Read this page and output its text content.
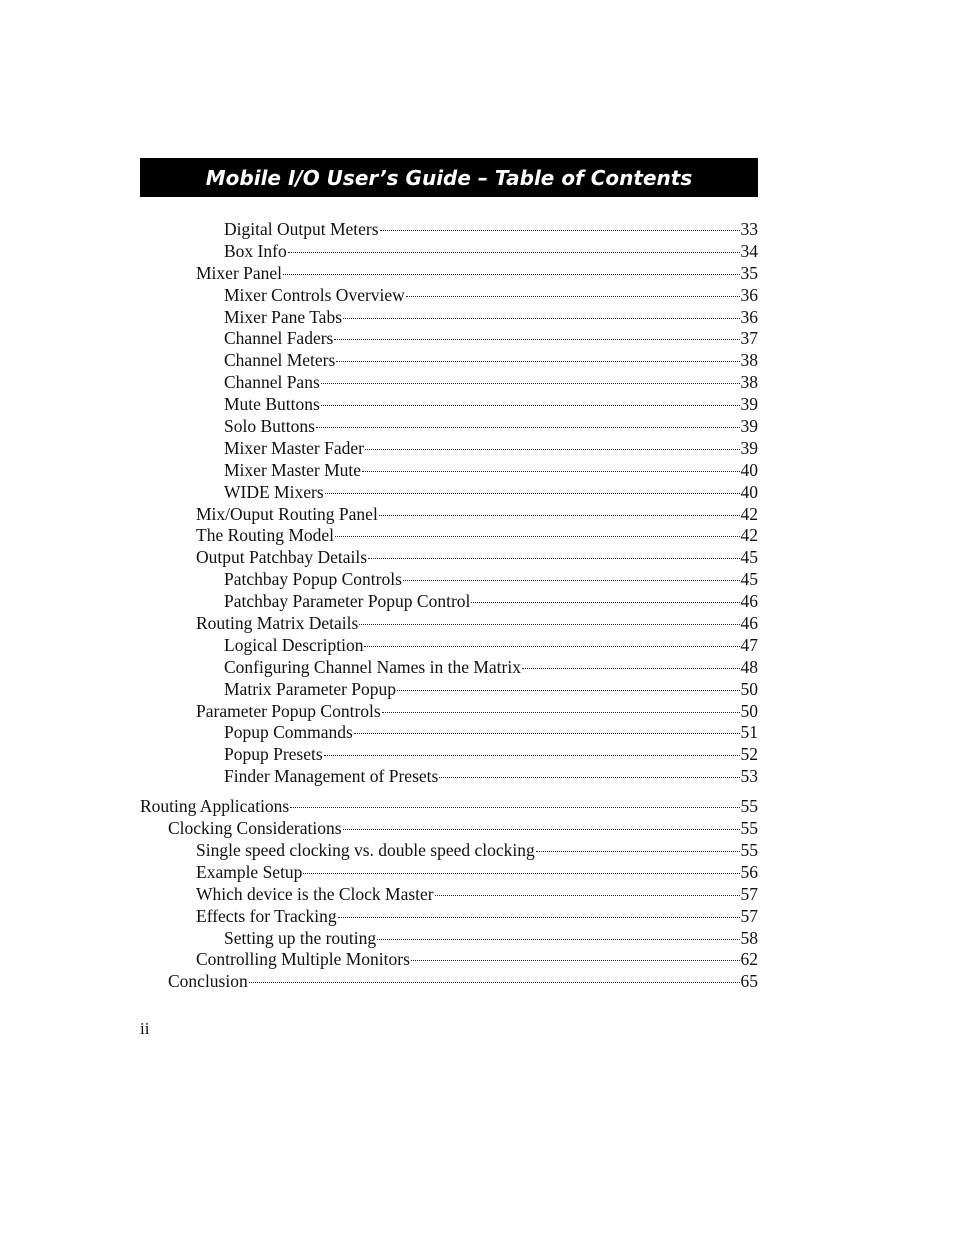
Mobile I/O User’s Guide – Table of Contents
Digital Output Meters	33
Box Info	34
Mixer Panel	35
Mixer Controls Overview	36
Mixer Pane Tabs	36
Channel Faders	37
Channel Meters	38
Channel Pans	38
Mute Buttons	39
Solo Buttons	39
Mixer Master Fader	39
Mixer Master Mute	40
WIDE Mixers	40
Mix/Ouput Routing Panel	42
The Routing Model	42
Output Patchbay Details	45
Patchbay Popup Controls	45
Patchbay Parameter Popup Control	46
Routing Matrix Details	46
Logical Description	47
Configuring Channel Names in the Matrix	48
Matrix Parameter Popup	50
Parameter Popup Controls	50
Popup Commands	51
Popup Presets	52
Finder Management of Presets	53
Routing Applications	55
Clocking Considerations	55
Single speed clocking vs. double speed clocking	55
Example Setup	56
Which device is the Clock Master	57
Effects for Tracking	57
Setting up the routing	58
Controlling Multiple Monitors	62
Conclusion	65
ii
